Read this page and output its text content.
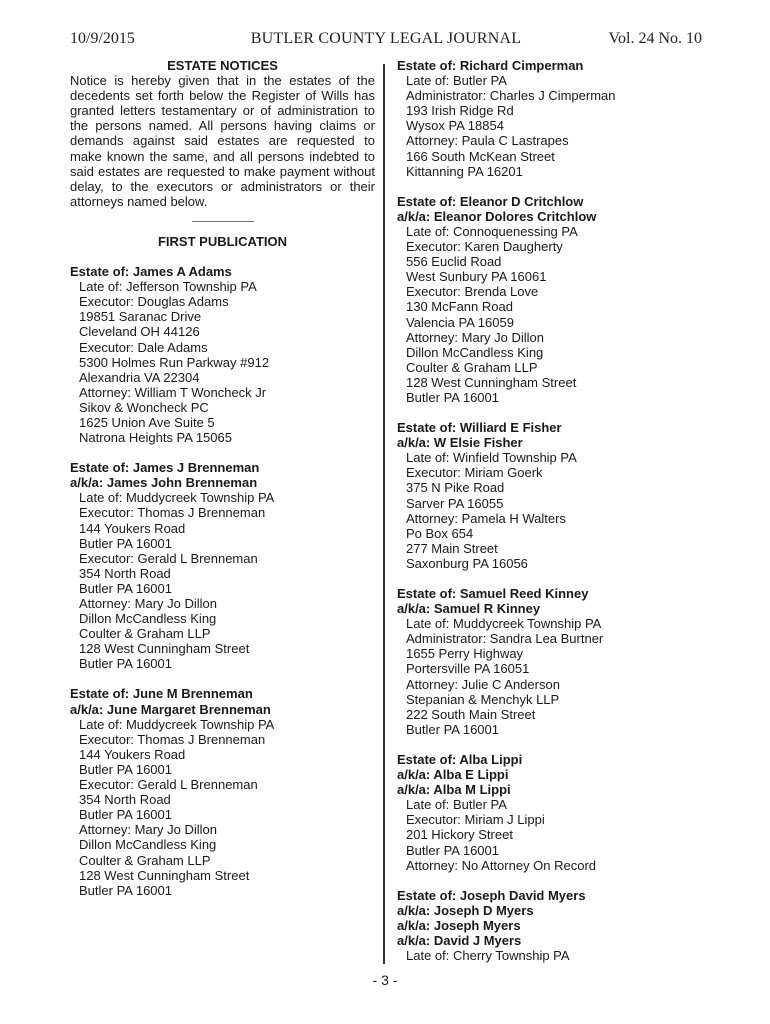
10/9/2015	BUTLER COUNTY LEGAL JOURNAL	Vol. 24 No. 10
ESTATE NOTICES

Notice is hereby given that in the estates of the decedents set forth below the Register of Wills has granted letters testamentary or of administration to the persons named. All persons having claims or demands against said estates are requested to make known the same, and all persons indebted to said estates are requested to make payment without delay, to the executors or administrators or their attorneys named below.

FIRST PUBLICATION
Estate of: James A Adams
Late of: Jefferson Township PA
Executor: Douglas Adams
19851 Saranac Drive
Cleveland OH 44126
Executor: Dale Adams
5300 Holmes Run Parkway #912
Alexandria VA 22304
Attorney: William T Woncheck Jr
Sikov & Woncheck PC
1625 Union Ave Suite 5
Natrona Heights PA 15065
Estate of: James J Brenneman
a/k/a: James John Brenneman
Late of: Muddycreek Township PA
Executor: Thomas J Brenneman
144 Youkers Road
Butler PA 16001
Executor: Gerald L Brenneman
354 North Road
Butler PA 16001
Attorney: Mary Jo Dillon
Dillon McCandless King
Coulter & Graham LLP
128 West Cunningham Street
Butler PA 16001
Estate of: June M Brenneman
a/k/a: June Margaret Brenneman
Late of: Muddycreek Township PA
Executor: Thomas J Brenneman
144 Youkers Road
Butler PA 16001
Executor: Gerald L Brenneman
354 North Road
Butler PA 16001
Attorney: Mary Jo Dillon
Dillon McCandless King
Coulter & Graham LLP
128 West Cunningham Street
Butler PA 16001
Estate of: Richard Cimperman
Late of: Butler PA
Administrator: Charles J Cimperman
193 Irish Ridge Rd
Wysox PA 18854
Attorney: Paula C Lastrapes
166 South McKean Street
Kittanning PA 16201
Estate of: Eleanor D Critchlow
a/k/a: Eleanor Dolores Critchlow
Late of: Connoquenessing PA
Executor: Karen Daugherty
556 Euclid Road
West Sunbury PA 16061
Executor: Brenda Love
130 McFann Road
Valencia PA 16059
Attorney: Mary Jo Dillon
Dillon McCandless King
Coulter & Graham LLP
128 West Cunningham Street
Butler PA 16001
Estate of: Williard E Fisher
a/k/a: W Elsie Fisher
Late of: Winfield Township PA
Executor: Miriam Goerk
375 N Pike Road
Sarver PA 16055
Attorney: Pamela H Walters
Po Box 654
277 Main Street
Saxonburg PA 16056
Estate of: Samuel Reed Kinney
a/k/a: Samuel R Kinney
Late of: Muddycreek Township PA
Administrator: Sandra Lea Burtner
1655 Perry Highway
Portersville PA 16051
Attorney: Julie C Anderson
Stepanian & Menchyk LLP
222 South Main Street
Butler PA 16001
Estate of: Alba Lippi
a/k/a: Alba E Lippi
a/k/a: Alba M Lippi
Late of: Butler PA
Executor: Miriam J Lippi
201 Hickory Street
Butler PA 16001
Attorney: No Attorney On Record
Estate of: Joseph David Myers
a/k/a: Joseph D Myers
a/k/a: Joseph Myers
a/k/a: David J Myers
Late of: Cherry Township PA
- 3 -
